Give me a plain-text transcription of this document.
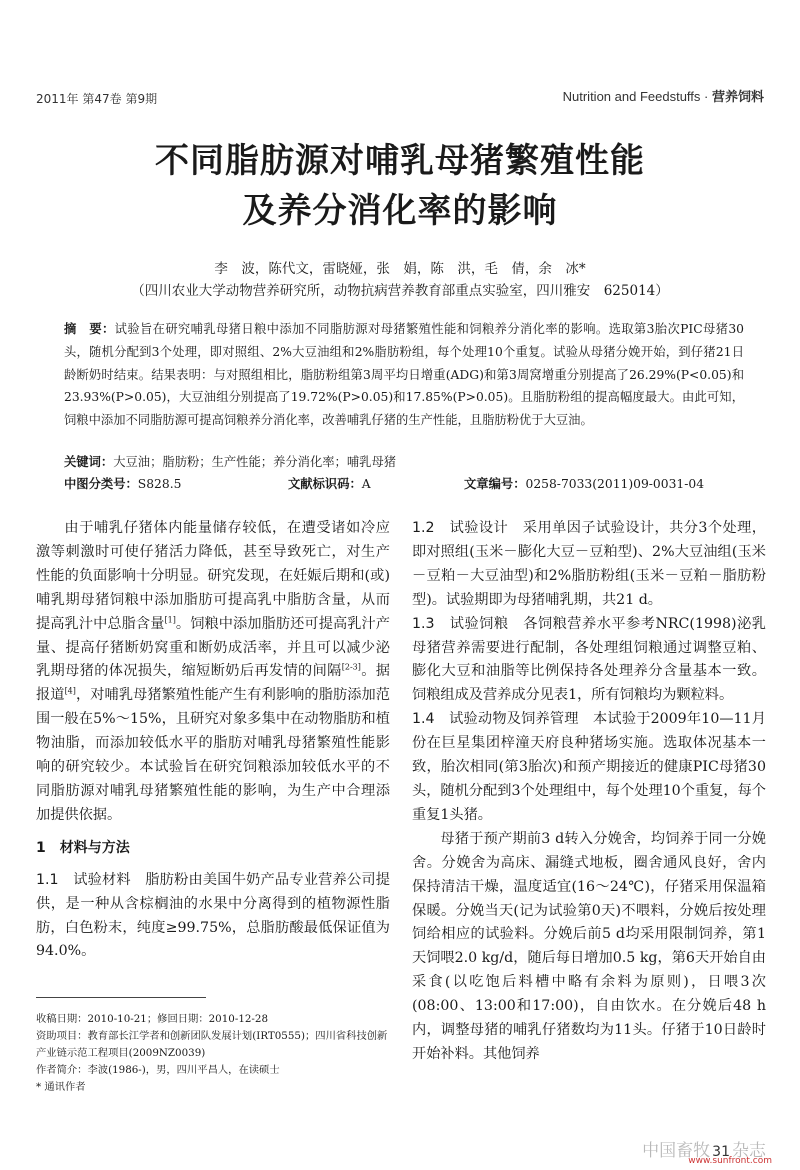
2011年 第47卷 第9期	Nutrition and Feedstuffs · 营养饲料
不同脂肪源对哺乳母猪繁殖性能
及养分消化率的影响
李　波，陈代文，雷晓娅，张　娟，陈　洪，毛　倩，余　冰*
（四川农业大学动物营养研究所，动物抗病营养教育部重点实验室，四川雅安　625014）
摘　要：试验旨在研究哺乳母猪日粮中添加不同脂肪源对母猪繁殖性能和饲粮养分消化率的影响。选取第3胎次PIC母猪30头，随机分配到3个处理，即对照组、2%大豆油组和2%脂肪粉组，每个处理10个重复。试验从母猪分娩开始，到仔猪21日龄断奶时结束。结果表明：与对照组相比，脂肪粉组第3周平均日增重(ADG)和第3周窝增重分别提高了26.29%(P<0.05)和23.93%(P>0.05)，大豆油组分别提高了19.72%(P>0.05)和17.85%(P>0.05)。且脂肪粉组的提高幅度最大。由此可知，饲粮中添加不同脂肪源可提高饲粮养分消化率，改善哺乳仔猪的生产性能，且脂肪粉优于大豆油。
关键词：大豆油；脂肪粉；生产性能；养分消化率；哺乳母猪
中图分类号：S828.5	文献标识码：A	文章编号：0258-7033(2011)09-0031-04

由于哺乳仔猪体内能量储存较低，在遭受诸如冷应激等刺激时可使仔猪活力降低，甚至导致死亡，对生产性能的负面影响十分明显。研究发现，在妊娠后期和(或)哺乳期母猪饲粮中添加脂肪可提高乳中脂肪含量，从而提高乳汁中总脂含量[1]。饲粮中添加脂肪还可提高乳汁产量、提高仔猪断奶窝重和断奶成活率，并且可以减少泌乳期母猪的体况损失，缩短断奶后再发情的间隔[2-3]。据报道[4]，对哺乳母猪繁殖性能产生有利影响的脂肪添加范围一般在5%～15%，且研究对象多集中在动物脂肪和植物油脂，而添加较低水平的脂肪对哺乳母猪繁殖性能影响的研究较少。本试验旨在研究饲粮添加较低水平的不同脂肪源对哺乳母猪繁殖性能的影响，为生产中合理添加提供依据。

1　材料与方法

1.1　试验材料　 脂肪粉由美国牛奶产品专业营养公司提供，是一种从含棕榈油的水果中分离得到的植物源性脂肪，白色粉末，纯度≥99.75%，总脂肪酸最低保证值为94.0%。

收稿日期：2010-10-21；修回日期：2010-12-28

资助项目：教育部长江学者和创新团队发展计划(IRT0555)；四川省科技创新产业链示范工程项目(2009NZ0039)

作者简介：李波(1986-)，男，四川平昌人，在读硕士

* 通讯作者

1.2　试验设计　 采用单因子试验设计，共分3个处理，即对照组(玉米－膨化大豆－豆粕型)、2%大豆油组(玉米－豆粕－大豆油型)和2%脂肪粉组(玉米－豆粕－脂肪粉型)。试验期即为母猪哺乳期，共21 d。

1.3　试验饲粮　 各饲粮营养水平参考NRC(1998)泌乳母猪营养需要进行配制，各处理组饲粮通过调整豆粕、膨化大豆和油脂等比例保持各处理养分含量基本一致。饲粮组成及营养成分见表1，所有饲粮均为颗粒料。

1.4　试验动物及饲养管理　 本试验于2009年10—11月份在巨星集团梓潼天府良种猪场实施。选取体况基本一致，胎次相同(第3胎次)和预产期接近的健康PIC母猪30头，随机分配到3个处理组中，每个处理10个重复，每个重复1头猪。

母猪于预产期前3 d转入分娩舍，均饲养于同一分娩舍。分娩舍为高床、漏缝式地板，圈舍通风良好，舍内保持清洁干燥，温度适宜(16～24℃)，仔猪采用保温箱保暖。分娩当天(记为试验第0天)不喂料，分娩后按处理饲给相应的试验料。分娩后前5 d均采用限制饲养，第1天饲喂2.0 kg/d，随后每日增加0.5 kg，第6天开始自由采食(以吃饱后料槽中略有余料为原则)，日喂3次(08:00、13:00和17:00)，自由饮水。在分娩后48 h内，调整母猪的哺乳仔猪数均为11头。仔猪于10日龄时开始补料。其他饲养

中国畜牧 31 杂志
www.sunfront.com
